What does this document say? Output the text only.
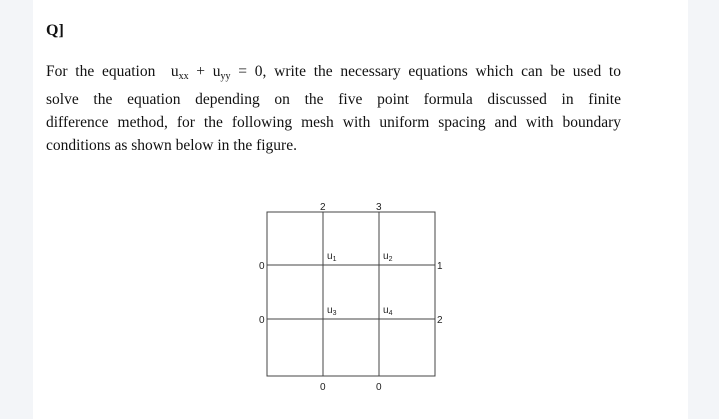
Q]
For the equation $u_{xx} + u_{yy} = 0$, write the necessary equations which can be used to
solve the equation depending on the five point formula discussed in finite
difference method, for the following mesh with uniform spacing and with boundary
conditions as shown below in the figure.
2	3
0
0
1
2
0	0
$u_1$	$u_2$
$u_3$	$u_4$
